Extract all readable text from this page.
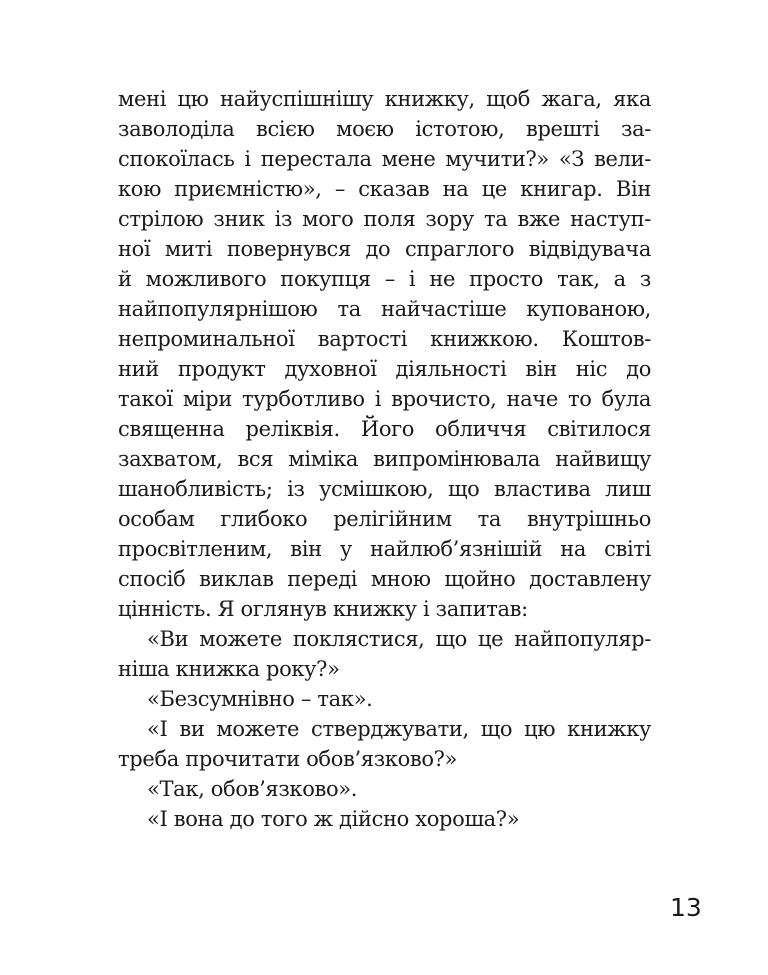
мені цю найуспішнішу книжку, щоб жага, яка
заволоділа всією моєю істотою, врешті за-
спокоїлась і перестала мене мучити?» «З вели-
кою приємністю», – сказав на це книгар. Він
стрілою зник із мого поля зору та вже наступ-
ної миті повернувся до спраглого відвідувача
й можливого покупця – і не просто так, а з
найпопулярнішою та найчастіше купованою,
непроминальної вартості книжкою. Коштов-
ний продукт духовної діяльності він ніс до
такої міри турботливо і врочисто, наче то була
священна реліквія. Його обличчя світилося
захватом, вся міміка випромінювала найвищу
шанобливість; із усмішкою, що властива лиш
особам глибоко релігійним та внутрішньо
просвітленим, він у найлюб’язнішій на світі
спосіб виклав переді мною щойно доставлену
цінність. Я оглянув книжку і запитав:
«Ви можете поклястися, що це найпопуляр-
ніша книжка року?»
«Безсумнівно – так».
«І ви можете стверджувати, що цю книжку
треба прочитати обов’язково?»
«Так, обов’язково».
«І вона до того ж дійсно хороша?»
13
